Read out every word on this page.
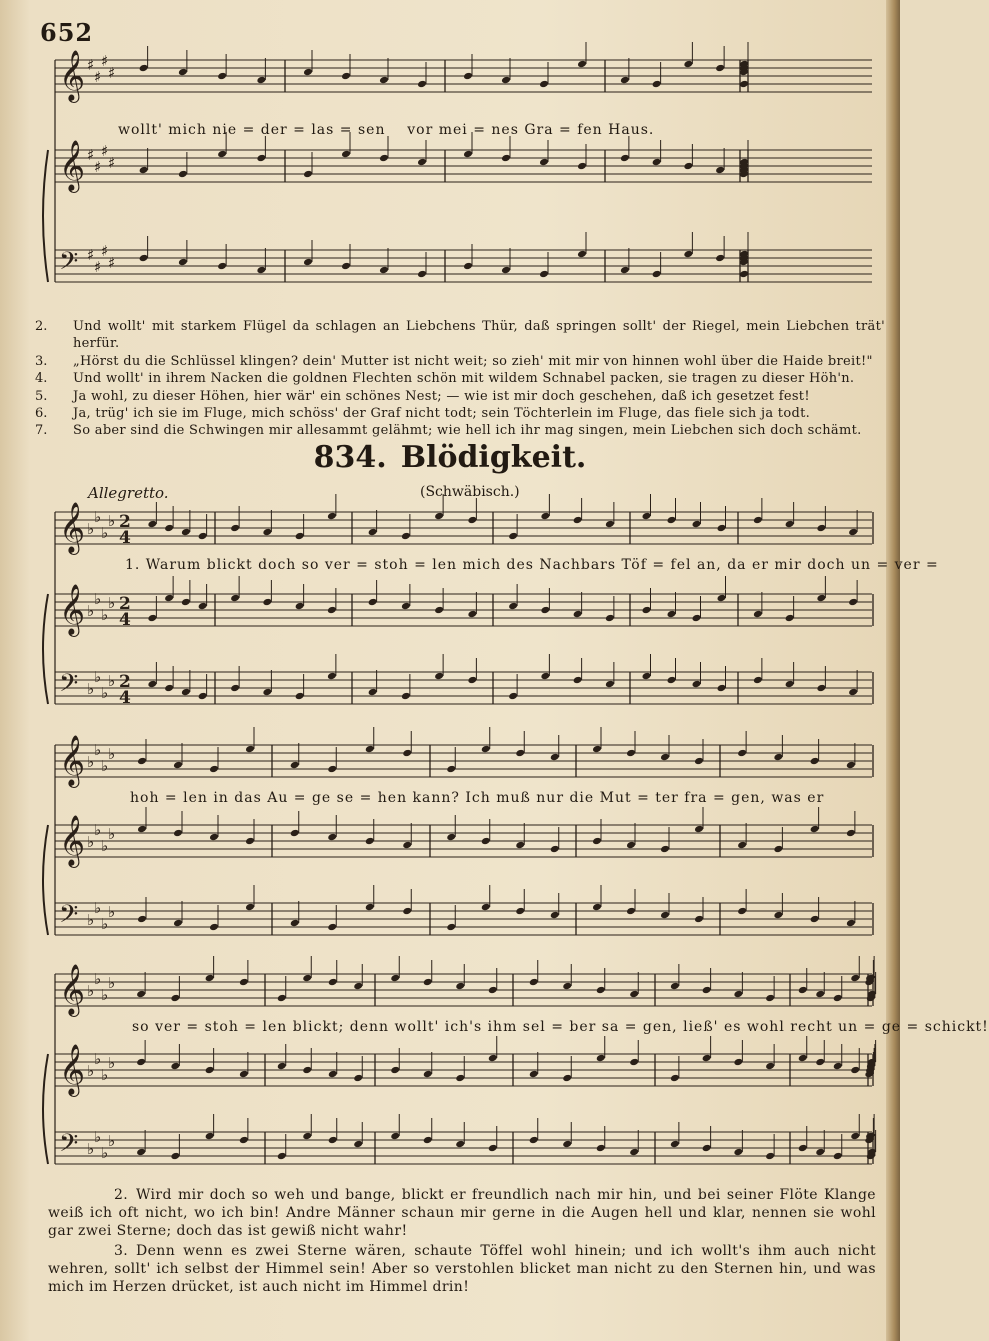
652
𝄞 ♯
♯
♯
♯
𝄞 ♯
♯
♯
♯
𝄢 ♯
♯
♯
♯
wollt' mich nie = der = las = sen    vor mei = nes Gra = fen Haus.
2.	Und wollt' mit starkem Flügel da schlagen an Liebchens Thür, daß springen sollt' der Riegel, mein Liebchen trät' herfür.
3.	„Hörst du die Schlüssel klingen? dein' Mutter ist nicht weit; so zieh' mit mir von hinnen wohl über die Haide breit!"
4.	Und wollt' in ihrem Nacken die goldnen Flechten schön mit wildem Schnabel packen, sie tragen zu dieser Höh'n.
5.	Ja wohl, zu dieser Höhen, hier wär' ein schönes Nest; — wie ist mir doch geschehen, daß ich gesetzet fest!
6.	Ja, trüg' ich sie im Fluge, mich schöss' der Graf nicht todt; sein Töchterlein im Fluge, das fiele sich ja todt.
7.	So aber sind die Schwingen mir allesammt gelähmt; wie hell ich ihr mag singen, mein Liebchen sich doch schämt.
834. Blödigkeit.
Allegretto.	(Schwäbisch.)
𝄞 ♭
♭
♭
♭ 2
4
𝄞 ♭
♭
♭
♭ 2
4
𝄢 ♭
♭
♭
♭ 2
4
1. Warum blickt doch so ver = stoh = len mich des Nachbars Töf = fel an, da er mir doch un = ver =
𝄞 ♭
♭
♭
♭
𝄞 ♭
♭
♭
♭
𝄢 ♭
♭
♭
♭
hoh = len in das Au = ge se = hen kann? Ich muß nur die Mut = ter fra = gen, was er
𝄞 ♭
♭
♭
♭
𝄞 ♭
♭
♭
♭
𝄢 ♭
♭
♭
♭
so ver = stoh = len blickt; denn wollt' ich's ihm sel = ber sa = gen, ließ' es wohl recht un = ge = schickt!
2. Wird mir doch so weh und bange, blickt er freundlich nach mir hin, und bei seiner Flöte Klange weiß ich oft nicht, wo ich bin! Andre Männer schaun mir gerne in die Augen hell und klar, nennen sie wohl gar zwei Sterne; doch das ist gewiß nicht wahr!
3. Denn wenn es zwei Sterne wären, schaute Töffel wohl hinein; und ich wollt's ihm auch nicht wehren, sollt' ich selbst der Himmel sein! Aber so verstohlen blicket man nicht zu den Sternen hin, und was mich im Herzen drücket, ist auch nicht im Himmel drin!
